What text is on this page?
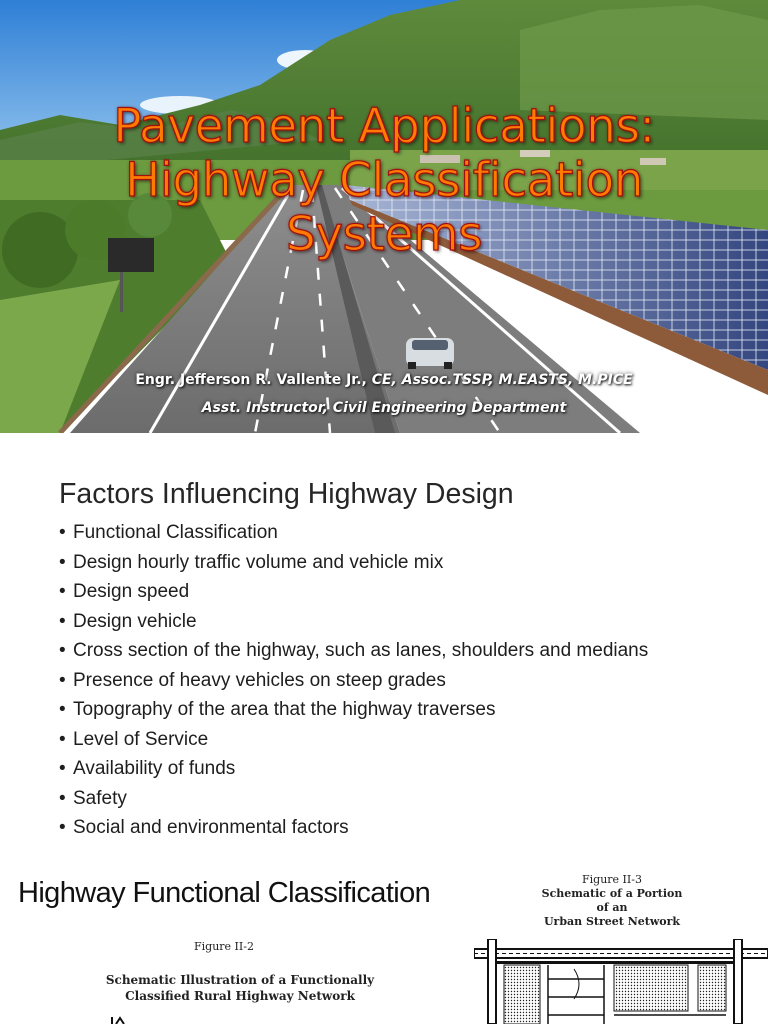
Pavement Applications:
Highway Classification
Systems
Engr. Jefferson R. Vallente Jr., CE, Assoc.TSSP, M.EASTS, M.PICE
Asst. Instructor, Civil Engineering Department
Factors Influencing Highway Design
• Functional Classification
• Design hourly traffic volume and vehicle mix
• Design speed
• Design vehicle
• Cross section of the highway, such as lanes, shoulders and medians
• Presence of heavy vehicles on steep grades
• Topography of the area that the highway traverses
• Level of Service
• Availability of funds
• Safety
• Social and environmental factors
Highway Functional Classification
Figure II-2
Schematic Illustration of a Functionally
Classified Rural Highway Network
Figure II-3
Schematic of a Portion
of an
Urban Street Network
